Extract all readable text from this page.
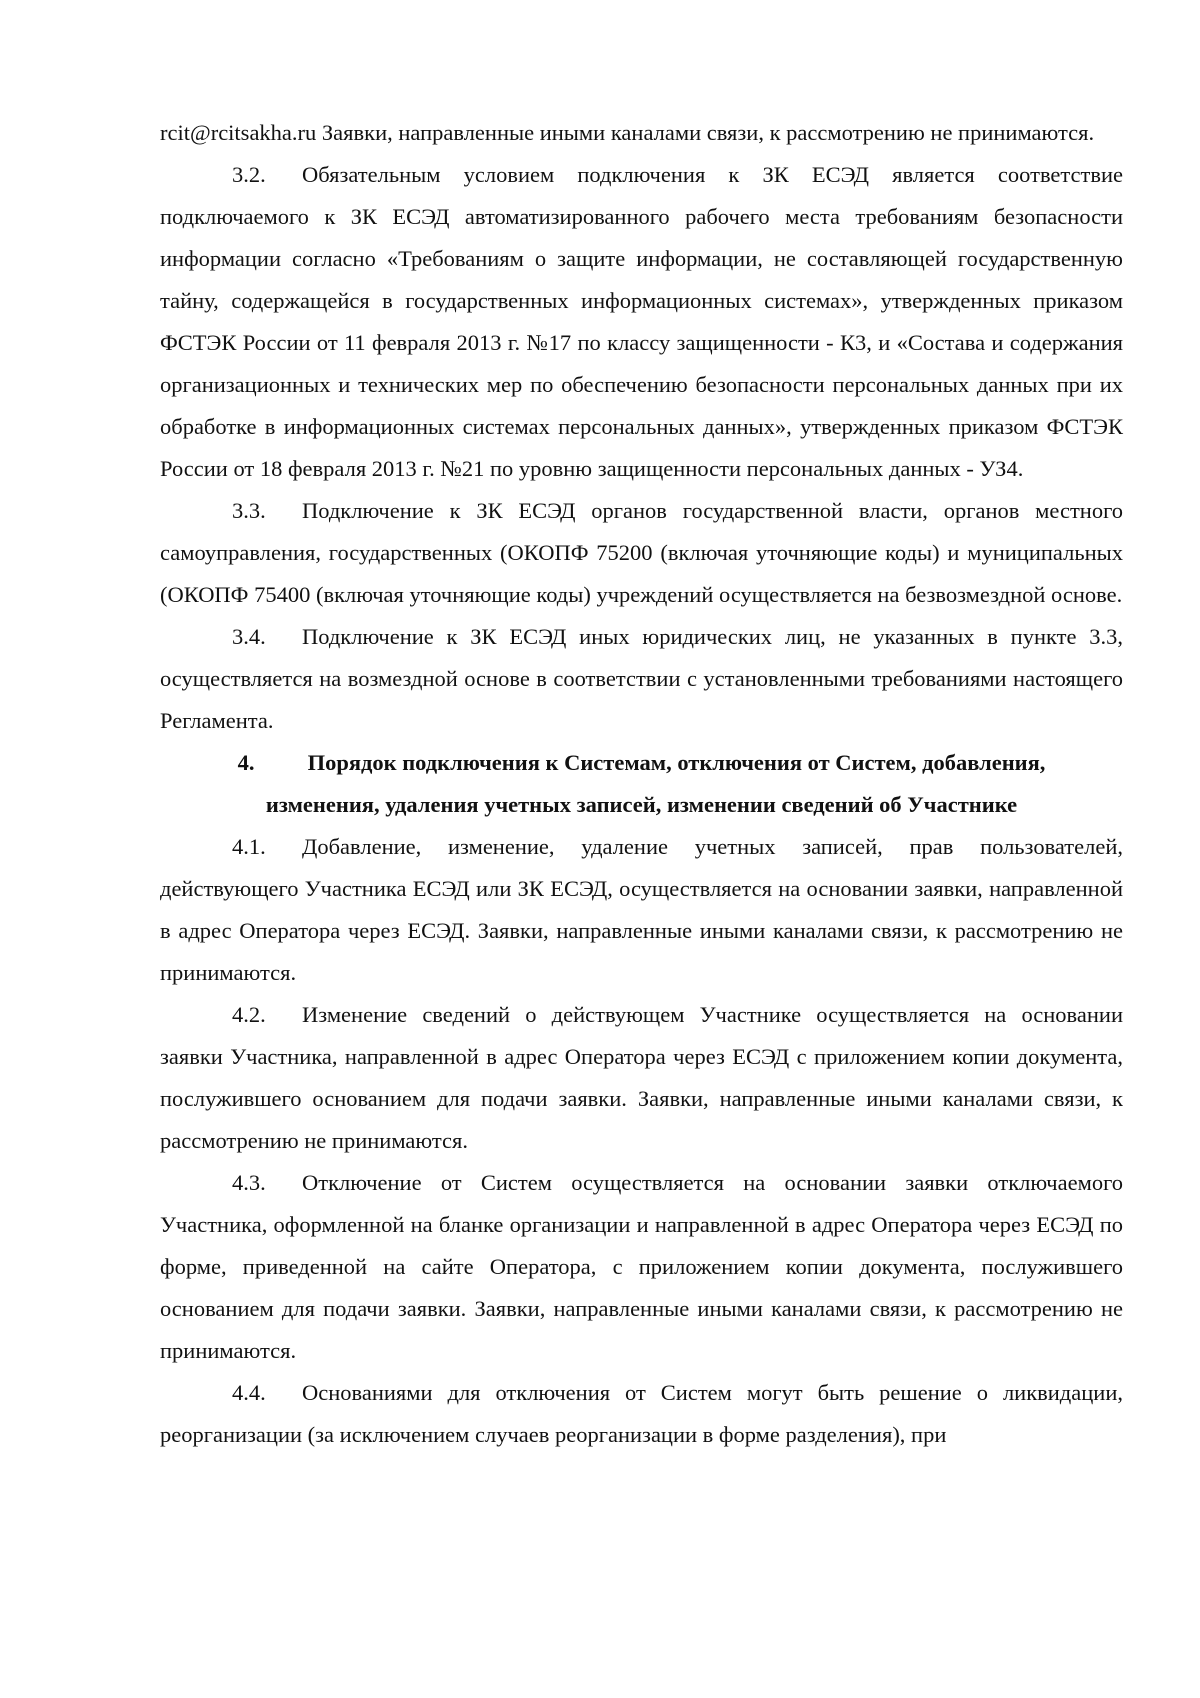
rcit@rcitsakha.ru Заявки, направленные иными каналами связи, к рассмотрению не принимаются.

3.2. Обязательным условием подключения к ЗК ЕСЭД является соответствие подключаемого к ЗК ЕСЭД автоматизированного рабочего места требованиям безопасности информации согласно «Требованиям о защите информации, не составляющей государственную тайну, содержащейся в государственных информационных системах», утвержденных приказом ФСТЭК России от 11 февраля 2013 г. №17 по классу защищенности - К3, и «Состава и содержания организационных и технических мер по обеспечению безопасности персональных данных при их обработке в информационных системах персональных данных», утвержденных приказом ФСТЭК России от 18 февраля 2013 г. №21 по уровню защищенности персональных данных - УЗ4.

3.3. Подключение к ЗК ЕСЭД органов государственной власти, органов местного самоуправления, государственных (ОКОПФ 75200 (включая уточняющие коды) и муниципальных (ОКОПФ 75400 (включая уточняющие коды) учреждений осуществляется на безвозмездной основе.

3.4. Подключение к ЗК ЕСЭД иных юридических лиц, не указанных в пункте 3.3, осуществляется на возмездной основе в соответствии с установленными требованиями настоящего Регламента.

4. Порядок подключения к Системам, отключения от Систем, добавления,
изменения, удаления учетных записей, изменении сведений об Участнике

4.1. Добавление, изменение, удаление учетных записей, прав пользователей, действующего Участника ЕСЭД или ЗК ЕСЭД, осуществляется на основании заявки, направленной в адрес Оператора через ЕСЭД. Заявки, направленные иными каналами связи, к рассмотрению не принимаются.

4.2. Изменение сведений о действующем Участнике осуществляется на основании заявки Участника, направленной в адрес Оператора через ЕСЭД с приложением копии документа, послужившего основанием для подачи заявки. Заявки, направленные иными каналами связи, к рассмотрению не принимаются.

4.3. Отключение от Систем осуществляется на основании заявки отключаемого Участника, оформленной на бланке организации и направленной в адрес Оператора через ЕСЭД по форме, приведенной на сайте Оператора, с приложением копии документа, послужившего основанием для подачи заявки. Заявки, направленные иными каналами связи, к рассмотрению не принимаются.

4.4. Основаниями для отключения от Систем могут быть решение о ликвидации, реорганизации (за исключением случаев реорганизации в форме разделения), при
